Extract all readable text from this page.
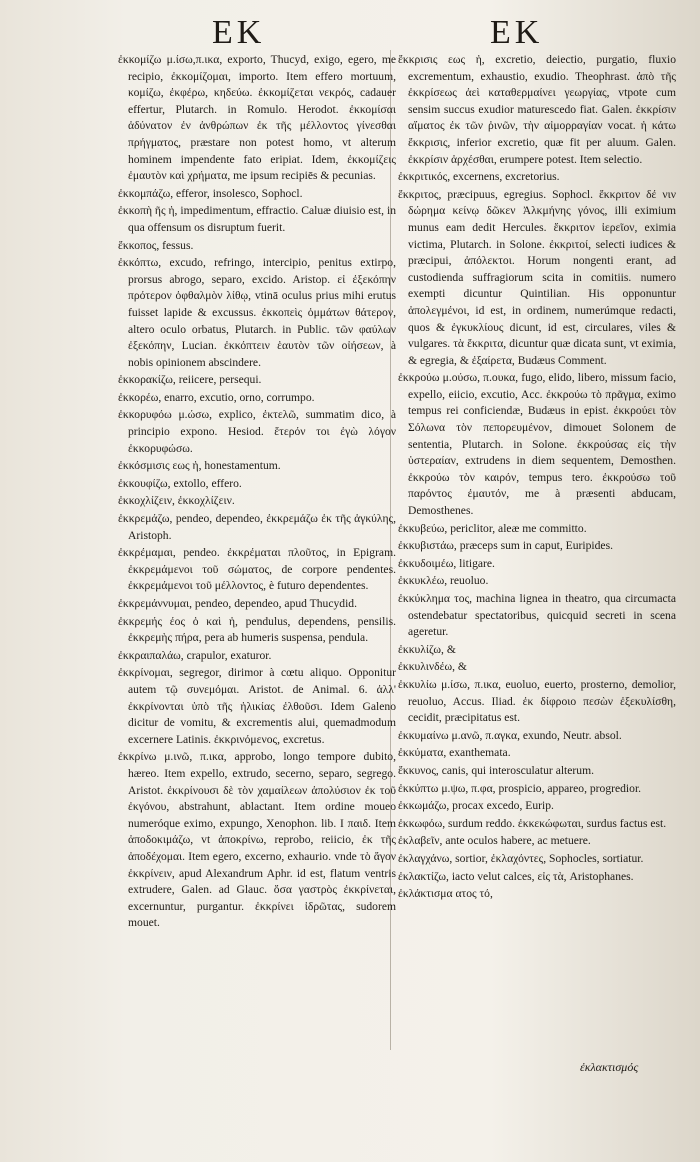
EK	EK

ἐκκομίζω μ.ίσω,π.ικα, exporto, Thucyd, exigo, egero, me recipio, ἐκκομίζομαι, importo. Item effero mortuum, κομίζω, ἐκφέρω, κηδεύω. ἐκκομίζεται νεκρός, cadauer effertur, Plutarch. in Romulo. Herodot. ἐκκομίσαι ἀδύνατον ἐν ἀνθρώπων ἐκ τῆς μέλλοντος γίνεσθαι πρήγματος, præstare non potest homo, vt alterum hominem impendente fato eripiat. Idem, ἐκκομίζεις ἐμαυτὸν καὶ χρήματα, me ipsum recipiēs & pecunias.

ἐκκομπάζω, efferor, insolesco, Sophocl.

ἐκκοπὴ ῆς ἡ, impedimentum, effractio. Caluæ diuisio est, in qua offensum os disruptum fuerit.

ἔκκοπος, fessus.

ἐκκόπτω, excudo, refringo, intercipio, penitus extirpo, prorsus abrogo, separo, excido. Aristop. εἰ ἐξεκόπην πρότερον ὀφθαλμὸν λίθῳ, vtinā oculus prius mihi erutus fuisset lapide & excussus. ἐκκοπεὶς ὀμμάτων θάτερον, altero oculo orbatus, Plutarch. in Public. τῶν φαύλων ἐξεκόπην, Lucian. ἐκκόπτειν ἑαυτὸν τῶν οἰήσεων, à nobis opinionem abscindere.

ἐκκορακίζω, reiicere, persequi.

ἐκκορέω, enarro, excutio, orno, corrumpo.

ἐκκορυφόω μ.ώσω, explico, ἐκτελῶ, summatim dico, à principio expono. Hesiod. ἕτερόν τοι ἐγὼ λόγον ἐκκορυφώσω.

ἐκκόσμισις εως ἡ, honestamentum.

ἐκκουφίζω, extollo, effero.

ἐκκοχλίζειν, ἐκκοχλίζειν.

ἐκκρεμάζω, pendeo, dependeo, ἐκκρεμάζω ἐκ τῆς ἀγκύλης, Aristoph.

ἐκκρέμαμαι, pendeo. ἐκκρέμαται πλοῦτος, in Epigram. ἐκκρεμάμενοι τοῦ σώματος, de corpore pendentes. ἐκκρεμάμενοι τοῦ μέλλοντος, è futuro dependentes.

ἐκκρεμάννυμαι, pendeo, dependeo, apud Thucydid.

ἐκκρεμής έος ὁ καὶ ἡ, pendulus, dependens, pensilis. ἐκκρεμὴς πήρα, pera ab humeris suspensa, pendula.

ἐκκραιπαλάω, crapulor, exaturor.

ἐκκρίνομαι, segregor, dirimor à cœtu aliquo. Opponitur autem τῷ συνεμόμαι. Aristot. de Animal. 6. ἀλλ' ἐκκρίνονται ὑπὸ τῆς ἡλικίας ἐλθοῦσι. Idem Galeno dicitur de vomitu, & excrementis alui, quemadmodum excernere Latinis. ἐκκρινόμενος, excretus.

ἐκκρίνω μ.ινῶ, π.ικα, approbo, longo tempore dubito, hæreo. Item expello, extrudo, secerno, separo, segrego. Aristot. ἐκκρίνουσι δὲ τὸν χαμαίλεων ἀπολύσιον ἐκ τοῦ ἐκγόνου, abstrahunt, ablactant. Item ordine moueo numeróque eximo, expungo, Xenophon. lib. I παιδ. Item ἀποδοκιμάζω, vt ἀποκρίνω, reprobo, reiicio, ἐκ τῆς ἀποδέχομαι. Item egero, excerno, exhaurio. vnde τὸ ἄγον ἐκκρίνειν, apud Alexandrum Aphr. id est, flatum ventris extrudere, Galen. ad Glauc. ὅσα γαστρὸς ἐκκρίνεται, excernuntur, purgantur. ἐκκρίνει ἱδρῶτας, sudorem mouet.

ἔκκρισις εως ἡ, excretio, deiectio, purgatio, fluxio excrementum, exhaustio, exudio. Theophrast. ἀπὸ τῆς ἐκκρίσεως ἀεὶ καταθερμαίνει γεωργίας, vtpote cum sensim succus exudior maturescedo fiat. Galen. ἐκκρίσιν αἵματος ἐκ τῶν ῥινῶν, τὴν αἱμορραγίαν vocat. ἡ κάτω ἔκκρισις, inferior excretio, quæ fit per aluum. Galen. ἐκκρίσιν ἀρχέσθαι, erumpere potest. Item selectio.

ἐκκριτικός, excernens, excretorius.

ἔκκριτος, præcipuus, egregius. Sophocl. ἔκκριτον δέ νιν δώρημα κείνῳ δῶκεν Ἀλκμήνης γόνος, illi eximium munus eam dedit Hercules. ἔκκριτον ἱερεῖον, eximia victima, Plutarch. in Solone. ἐκκριτοί, selecti iudices & præcipui, ἀπόλεκτοι. Horum nongenti erant, ad custodienda suffragiorum scita in comitiis. numero exempti dicuntur Quintilian. His opponuntur ἀπολεγμένοι, id est, in ordinem, numerúmque redacti, quos & ἐγκυκλίους dicunt, id est, circulares, viles & vulgares. τὰ ἔκκριτα, dicuntur quæ dicata sunt, vt eximia, & egregia, & ἐξαίρετα, Budæus Comment.

ἐκκρούω μ.ούσω, π.ουκα, fugo, elido, libero, missum facio, expello, eiicio, excutio, Acc. ἐκκρούω τὸ πρᾶγμα, eximo tempus rei conficiendæ, Budæus in epist. ἐκκρούει τὸν Σόλωνα τὸν πεπορευμένον, dimouet Solonem de sententia, Plutarch. in Solone. ἐκκρούσας εἰς τὴν ὑστεραίαν, extrudens in diem sequentem, Demosthen. ἐκκρούω τὸν καιρόν, tempus tero. ἐκκρούσω τοῦ παρόντος ἐμαυτόν, me à præsenti abducam, Demosthenes.

ἐκκυβεύω, periclitor, aleæ me committo.

ἐκκυβιστάω, præceps sum in caput, Euripides.

ἐκκυδοιμέω, litigare.

ἐκκυκλέω, reuoluo.

ἐκκύκλημα τος, machina lignea in theatro, qua circumacta ostendebatur spectatoribus, quicquid secreti in scena ageretur.

ἐκκυλίζω, &

ἐκκυλινδέω, &

ἐκκυλίω μ.ίσω, π.ικα, euoluo, euerto, prosterno, demolior, reuoluo, Accus. Iliad. ἐκ δίφροιο πεσὼν ἐξεκυλίσθη, cecidit, præcipitatus est.

ἐκκυμαίνω μ.ανῶ, π.αγκα, exundo, Neutr. absol.

ἐκκύματα, exanthemata.

ἔκκυνος, canis, qui interosculatur alterum.

ἐκκύπτω μ.ψω, π.φα, prospicio, appareo, progredior.

ἐκκωμάζω, procax excedo, Eurip.

ἐκκωφόω, surdum reddo. ἐκκεκώφωται, surdus factus est.

ἐκλαβεῖν, ante oculos habere, ac metuere.

ἐκλαγχάνω, sortior, ἐκλαχόντες, Sophocles, sortiatur.

ἐκλακτίζω, iacto velut calces, εἰς τὰ, Aristophanes.

ἐκλάκτισμα ατος τό,

ἐκλακτισμός
